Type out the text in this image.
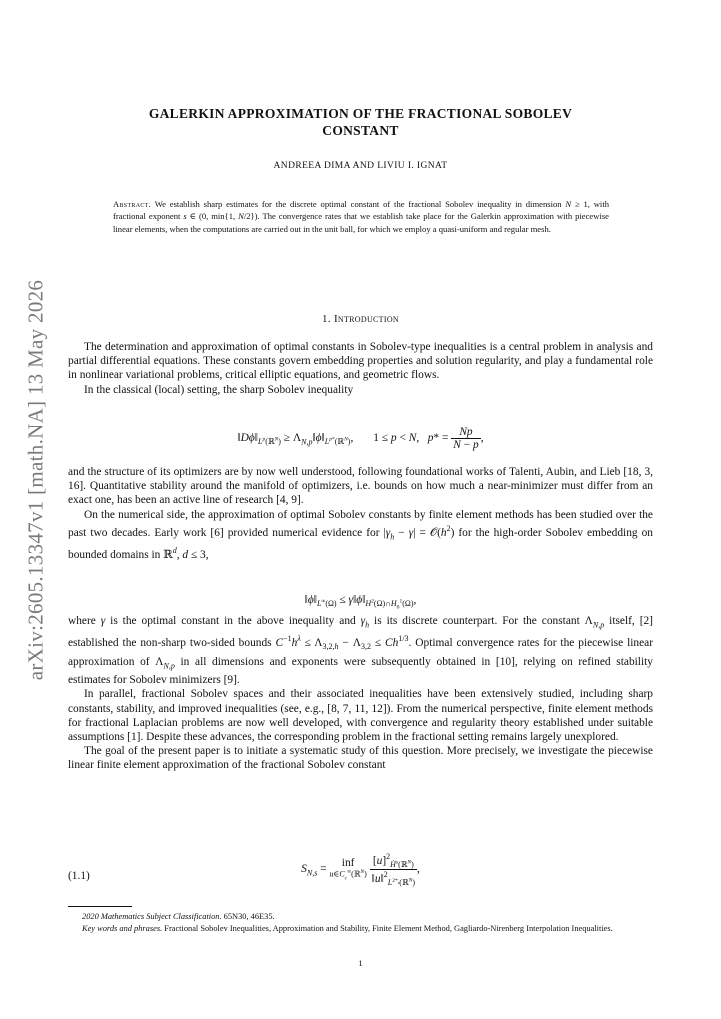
arXiv:2605.13347v1 [math.NA] 13 May 2026
GALERKIN APPROXIMATION OF THE FRACTIONAL SOBOLEV
CONSTANT
ANDREEA DIMA AND LIVIU I. IGNAT
Abstract. We establish sharp estimates for the discrete optimal constant of the fractional Sobolev inequality in dimension N ≥ 1, with fractional exponent s ∈ (0, min{1, N/2}). The convergence rates that we establish take place for the Galerkin approximation with piecewise linear elements, when the computations are carried out in the unit ball, for which we employ a quasi-uniform and regular mesh.
1. Introduction

The determination and approximation of optimal constants in Sobolev-type inequalities is a central problem in analysis and partial differential equations. These constants govern embedding properties and solution regularity, and play a fundamental role in nonlinear variational problems, critical elliptic equations, and geometric flows.

In the classical (local) setting, the sharp Sobolev inequality

$‖D\phi‖_{L^p(ℝ^N)}$ ≥ $\Lambda_{N,p}‖\phi‖_{L^{p*}(ℝ^N)}$,       1 ≤ p < N,   $p* = \frac{Np}{N - p}$ ,

and the structure of its optimizers are by now well understood, following foundational works of Talenti, Aubin, and Lieb [18, 3, 16]. Quantitative stability around the manifold of optimizers, i.e. bounds on how much a near-minimizer must differ from an exact one, has been an active line of research [4, 9].

On the numerical side, the approximation of optimal Sobolev constants by finite element methods has been studied over the past two decades. Early work [6] provided numerical evidence for $|\gamma_h - \gamma|$ = $𝒪(h^2)$ for the high-order Sobolev embedding on bounded domains in ℝ$^d$, d ≤ 3,

$‖\phi‖_{L^\infty(\Omega)}$ ≤ $\gamma‖\phi‖_{H^2(\Omega)\cap H_0^1(\Omega)}$,

where γ is the optimal constant in the above inequality and $\gamma_h$ is its discrete counterpart. For the constant $\Lambda_{N,p}$ itself, [2] established the non-sharp two-sided bounds $C^{-1}h^\lambda \le \Lambda_{3,2,h} - \Lambda_{3,2} \le Ch^{1/3}$. Optimal convergence rates for the piecewise linear approximation of $\Lambda_{N,p}$ in all dimensions and exponents were subsequently obtained in [10], relying on refined stability estimates for Sobolev minimizers [9].

In parallel, fractional Sobolev spaces and their associated inequalities have been extensively studied, including sharp constants, stability, and improved inequalities (see, e.g., [8, 7, 11, 12]). From the numerical perspective, finite element methods for fractional Laplacian problems are now well developed, with convergence and regularity theory established under suitable assumptions [1]. Despite these advances, the corresponding problem in the fractional setting remains largely unexplored.

The goal of the present paper is to initiate a systematic study of this question. More precisely, we investigate the piecewise linear finite element approximation of the fractional Sobolev constant

(1.1)
$S_{N,s}$ =	inf
$u\in C_c^\infty(ℝ^N)$
$\frac{[u]^2_{Ḣ^s(ℝ^N)}}{‖u‖^2_{L^{2*_s}(ℝ^N)}}$ ,
2020 Mathematics Subject Classification. 65N30, 46E35.
Key words and phrases. Fractional Sobolev Inequalities, Approximation and Stability, Finite Element Method, Gagliardo-Nirenberg Interpolation Inequalities.
1
